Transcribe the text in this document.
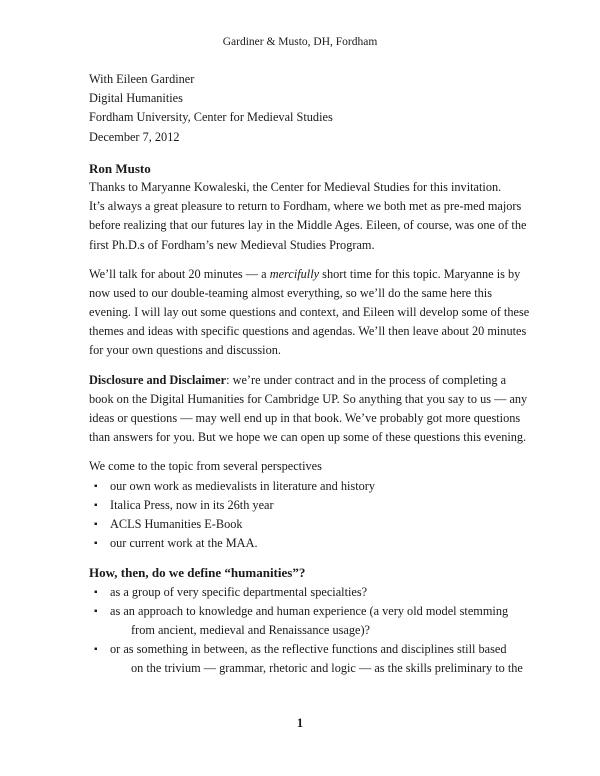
Gardiner & Musto, DH, Fordham
With Eileen Gardiner
Digital Humanities
Fordham University, Center for Medieval Studies
December 7, 2012
Ron Musto
Thanks to Maryanne Kowaleski, the Center for Medieval Studies for this invitation.
It’s always a great pleasure to return to Fordham, where we both met as pre-med majors
before realizing that our futures lay in the Middle Ages. Eileen, of course, was one of the
first Ph.D.s of Fordham’s new Medieval Studies Program.
We’ll talk for about 20 minutes — a mercifully short time for this topic. Maryanne is by
now used to our double-teaming almost everything, so we’ll do the same here this
evening. I will lay out some questions and context, and Eileen will develop some of these
themes and ideas with specific questions and agendas. We’ll then leave about 20 minutes
for your own questions and discussion.
Disclosure and Disclaimer: we’re under contract and in the process of completing a
book on the Digital Humanities for Cambridge UP. So anything that you say to us — any
ideas or questions — may well end up in that book. We’ve probably got more questions
than answers for you. But we hope we can open up some of these questions this evening.
We come to the topic from several perspectives
▪ our own work as medievalists in literature and history
▪ Italica Press, now in its 26th year
▪ ACLS Humanities E-Book
▪ our current work at the MAA.
How, then, do we define “humanities”?
▪ as a group of very specific departmental specialties?
▪ as an approach to knowledge and human experience (a very old model stemming
from ancient, medieval and Renaissance usage)?
▪ or as something in between, as the reflective functions and disciplines still based
on the trivium — grammar, rhetoric and logic — as the skills preliminary to the
1
